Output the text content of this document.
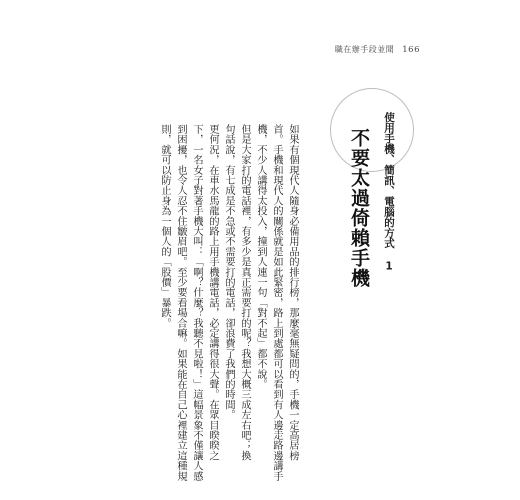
職在辦手段並聞 166
使用手機、簡訊、電腦的方式 1
不要太過倚賴手機
如果有個現代人隨身必備用品的排行榜，那麼毫無疑問的，手機一定高居榜
首。手機和現代人的關係就是如此緊密，路上到處都可以看到有人邊走路邊講手
機，不少人講得太投入，撞到人連一句「對不起」都不說。
但是大家打的電話裡，有多少是真正需要打的呢？我想大概三成左右吧；換
句話說，有七成是不急或不需要打的電話，卻浪費了我們的時間。
更何況，在車水馬龍的路上用手機講電話，必定講得很大聲。在眾目睽睽之
下，一名女子對著手機大叫：「啊？什麼？我聽不見啦！」這幅景象不僅讓人感
到困擾，也令人忍不住皺眉吧。至少要看場合嘛。如果能在自己心裡建立這種規
則，就可以防止身為一個人的「股價」暴跌。
